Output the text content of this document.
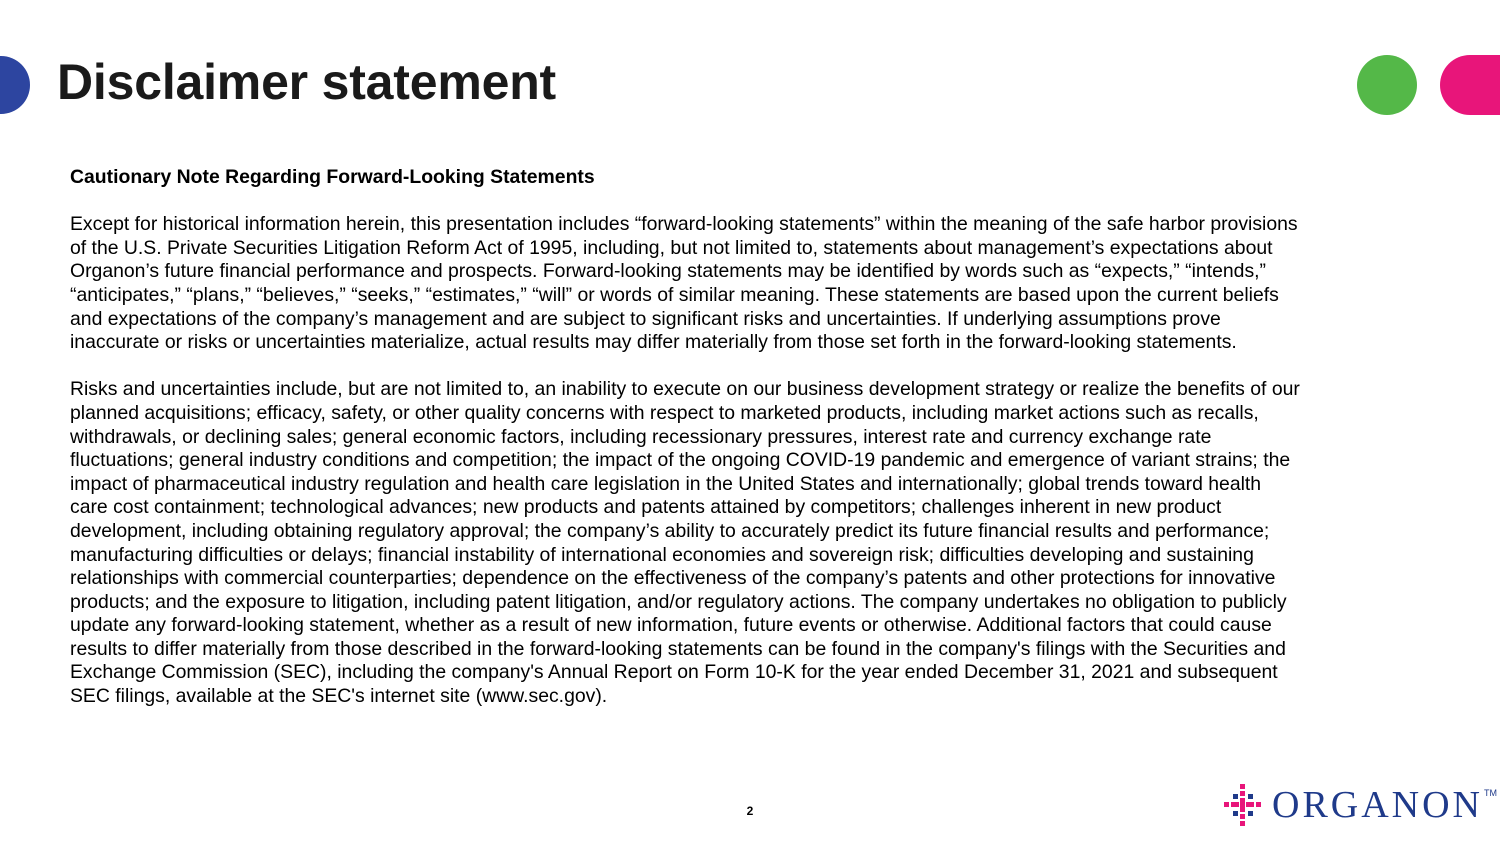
Disclaimer statement

Cautionary Note Regarding Forward-Looking Statements

Except for historical information herein, this presentation includes “forward-looking statements” within the meaning of the safe harbor provisions
of the U.S. Private Securities Litigation Reform Act of 1995, including, but not limited to, statements about management’s expectations about
Organon’s future financial performance and prospects. Forward-looking statements may be identified by words such as “expects,” “intends,”
“anticipates,” “plans,” “believes,” “seeks,” “estimates,” “will” or words of similar meaning. These statements are based upon the current beliefs
and expectations of the company’s management and are subject to significant risks and uncertainties. If underlying assumptions prove
inaccurate or risks or uncertainties materialize, actual results may differ materially from those set forth in the forward-looking statements.

Risks and uncertainties include, but are not limited to, an inability to execute on our business development strategy or realize the benefits of our
planned acquisitions; efficacy, safety, or other quality concerns with respect to marketed products, including market actions such as recalls,
withdrawals, or declining sales; general economic factors, including recessionary pressures, interest rate and currency exchange rate
fluctuations; general industry conditions and competition; the impact of the ongoing COVID-19 pandemic and emergence of variant strains; the
impact of pharmaceutical industry regulation and health care legislation in the United States and internationally; global trends toward health
care cost containment; technological advances; new products and patents attained by competitors; challenges inherent in new product
development, including obtaining regulatory approval; the company’s ability to accurately predict its future financial results and performance;
manufacturing difficulties or delays; financial instability of international economies and sovereign risk; difficulties developing and sustaining
relationships with commercial counterparties; dependence on the effectiveness of the company’s patents and other protections for innovative
products; and the exposure to litigation, including patent litigation, and/or regulatory actions. The company undertakes no obligation to publicly
update any forward-looking statement, whether as a result of new information, future events or otherwise. Additional factors that could cause
results to differ materially from those described in the forward-looking statements can be found in the company's filings with the Securities and
Exchange Commission (SEC), including the company's Annual Report on Form 10-K for the year ended December 31, 2021 and subsequent
SEC filings, available at the SEC's internet site (www.sec.gov).

2	ORGANON TM
